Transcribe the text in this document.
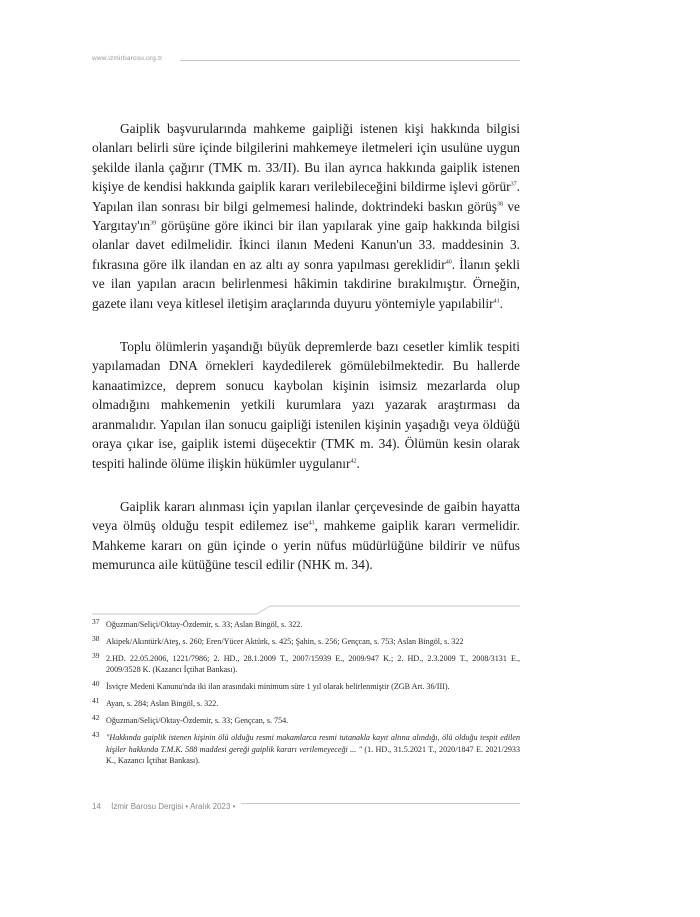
www.izmirbarosu.org.tr

Gaiplik başvurularında mahkeme gaipliği istenen kişi hakkında bilgisi olanları belirli süre içinde bilgilerini mahkemeye iletmeleri için usulüne uygun şekilde ilanla çağırır (TMK m. 33/II). Bu ilan ayrıca hakkında gaiplik istenen kişiye de kendisi hakkında gaiplik kararı verilebileceğini bildirme işlevi görür$^{37}$. Yapılan ilan sonrası bir bilgi gelmemesi halinde, doktrindeki baskın görüş$^{38}$ ve $Yargıtay'ın^{39}$ görüşüne göre ikinci bir ilan yapılarak yine gaip hakkında bilgisi olanlar davet edilmelidir. İkinci ilanın Medeni Kanun'un 33. maddesinin 3. fıkrasına göre ilk ilandan en az altı ay sonra yapılması gereklidir$^{40}$. İlanın şekli ve ilan yapılan aracın belirlenmesi hâkimin takdirine bırakılmıştır. Örneğin, gazete ilanı veya kitlesel iletişim araçlarında duyuru yöntemiyle yapılabilir$^{41}$.

Toplu ölümlerin yaşandığı büyük depremlerde bazı cesetler kimlik tespiti yapılamadan DNA örnekleri kaydedilerek gömülebilmektedir. Bu hallerde kanaatimizce, deprem sonucu kaybolan kişinin isimsiz mezarlarda olup olmadığını mahkemenin yetkili kurumlara yazı yazarak araştırması da aranmalıdır. Yapılan ilan sonucu gaipliği istenilen kişinin yaşadığı veya öldüğü oraya çıkar ise, gaiplik istemi düşecektir (TMK m. 34). Ölümün kesin olarak tespiti halinde ölüme ilişkin hükümler uygulanır$^{42}$.

Gaiplik kararı alınması için yapılan ilanlar çerçevesinde de gaibin hayatta veya ölmüş olduğu tespit edilemez ise$^{43}$, mahkeme gaiplik kararı vermelidir. Mahkeme kararı on gün içinde o yerin nüfus müdürlüğüne bildirir ve nüfus memurunca aile kütüğüne tescil edilir (NHK m. 34).

$^{37}$ Oğuzman/Seliçi/Oktay-Özdemir, s. 33; Aslan Bingöl, s. 322.
$^{38}$ Akipek/Akıntürk/Ateş, s. 260; Eren/Yücer Aktürk, s. 425; Şahin, s. 256; Gençcan, s. 753; Aslan Bingöl, s. 322
$^{39}$ 2.HD. 22.05.2006, 1221/7986; 2. HD., 28.1.2009 T., 2007/15939 E., 2009/947 K.; 2. HD., 2.3.2009 T., 2008/3131 E., 2009/3528 K. (Kazancı İçtihat Bankası).
$^{40}$ İsviçre Medeni Kanunu'nda iki ilan arasındaki minimum süre 1 yıl olarak belirlenmiştir (ZGB Art. 36/III).
$^{41}$ Ayan, s. 284; Aslan Bingöl, s. 322.
$^{42}$ Oğuzman/Seliçi/Oktay-Özdemir, s. 33; Gençcan, s. 754.
$^{43}$ "Hakkında gaiplik istenen kişinin ölü olduğu resmi makamlarca resmi tutanakla kayıt altına alındığı, ölü olduğu tespit edilen kişiler hakkında T.M.K. 588 maddesi gereği gaiplik kararı verilemeyeceği ... " (1. HD., 31.5.2021 T., 2020/1847 E. 2021/2933 K., Kazancı İçtihat Bankası).
14 İzmir Barosu Dergisi • Aralık 2023 •
